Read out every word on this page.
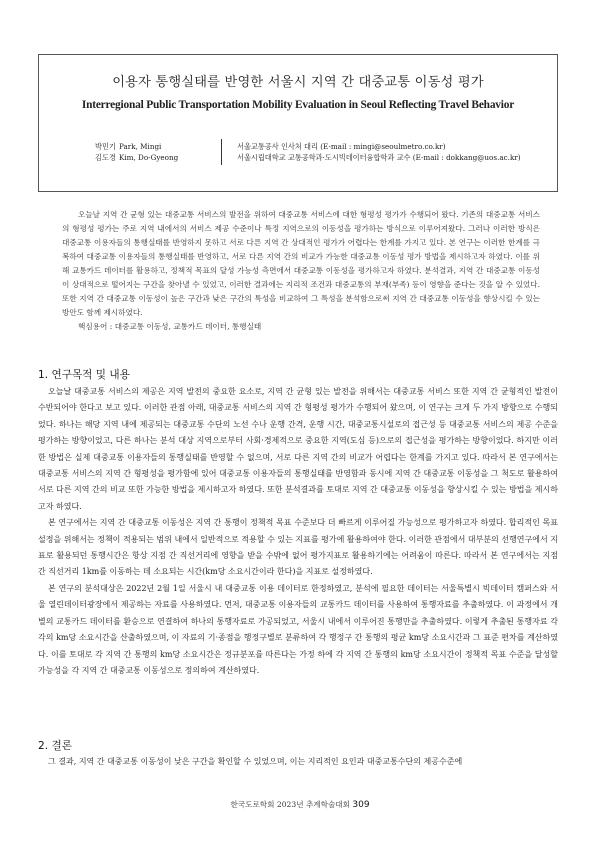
이용자 통행실태를 반영한 서울시 지역 간 대중교통 이동성 평가
Interregional Public Transportation Mobility Evaluation in Seoul Reflecting Travel Behavior
박민기 Park, Mingi	서울교통공사 인사처 대리 (E-mail : mingi@seoulmetro.co.kr)
김도경 Kim, Do-Gyeong	서울시립대학교 교통공학과·도시빅데이터융합학과 교수 (E-mail : dokkang@uos.ac.kr)

오늘날 지역 간 균형 있는 대중교통 서비스의 발전을 위하여 대중교통 서비스에 대한 형평성 평가가 수행되어 왔다. 기존의 대중교통 서비스의 형평성 평가는 주로 지역 내에서의 서비스 제공 수준이나 특정 지역으로의 이동성을 평가하는 방식으로 이루어져왔다. 그러나 이러한 방식은 대중교통 이용자들의 통행실태를 반영하지 못하고 서로 다른 지역 간 상대적인 평가가 어렵다는 한계를 가지고 있다. 본 연구는 이러한 한계를 극복하여 대중교통 이용자들의 통행실태를 반영하고, 서로 다른 지역 간의 비교가 가능한 대중교통 이동성 평가 방법을 제시하고자 하였다. 이를 위해 교통카드 데이터를 활용하고, 정책적 목표의 달성 가능성 측면에서 대중교통 이동성을 평가하고자 하였다. 분석결과, 지역 간 대중교통 이동성이 상대적으로 떨어지는 구간을 찾아낼 수 있었고, 이러한 결과에는 지리적 조건과 대중교통의 부재(부족) 등이 영향을 준다는 것을 알 수 있었다. 또한 지역 간 대중교통 이동성이 높은 구간과 낮은 구간의 특성을 비교하여 그 특성을 분석함으로써 지역 간 대중교통 이동성을 향상시킬 수 있는 방안도 함께 제시하였다.

핵심용어 : 대중교통 이동성, 교통카드 데이터, 통행실태

1. 연구목적 및 내용

오늘날 대중교통 서비스의 제공은 지역 발전의 중요한 요소로, 지역 간 균형 있는 발전을 위해서는 대중교통 서비스 또한 지역 간 균형적인 발전이 수반되어야 한다고 보고 있다. 이러한 관점 아래, 대중교통 서비스의 지역 간 형평성 평가가 수행되어 왔으며, 이 연구는 크게 두 가지 방향으로 수행되었다. 하나는 해당 지역 내에 제공되는 대중교통 수단의 노선 수나 운행 간격, 운행 시간, 대중교통시설로의 접근성 등 대중교통 서비스의 제공 수준을 평가하는 방향이었고, 다른 하나는 분석 대상 지역으로부터 사회·경제적으로 중요한 지역(도심 등)으로의 접근성을 평가하는 방향이었다. 하지만 이러한 방법은 실제 대중교통 이용자들의 통행실태를 반영할 수 없으며, 서로 다른 지역 간의 비교가 어렵다는 한계를 가지고 있다. 따라서 본 연구에서는 대중교통 서비스의 지역 간 형평성을 평가함에 있어 대중교통 이용자들의 통행실태를 반영함과 동시에 지역 간 대중교통 이동성을 그 척도로 활용하여 서로 다른 지역 간의 비교 또한 가능한 방법을 제시하고자 하였다. 또한 분석결과를 토대로 지역 간 대중교통 이동성을 향상시킬 수 있는 방법을 제시하고자 하였다.

본 연구에서는 지역 간 대중교통 이동성은 지역 간 통행이 정책적 목표 수준보다 더 빠르게 이루어질 가능성으로 평가하고자 하였다. 합리적인 목표 설정을 위해서는 정책이 적용되는 범위 내에서 일반적으로 적용할 수 있는 지표를 평가에 활용하여야 한다. 이러한 관점에서 대부분의 선행연구에서 지표로 활용되던 통행시간은 항상 지점 간 직선거리에 영향을 받을 수밖에 없어 평가지표로 활용하기에는 어려움이 따른다. 따라서 본 연구에서는 지점 간 직선거리 1km를 이동하는 데 소요되는 시간(km당 소요시간이라 한다)을 지표로 설정하였다.

본 연구의 분석대상은 2022년 2월 1일 서울시 내 대중교통 이용 데이터로 한정하였고, 분석에 필요한 데이터는 서울특별시 빅데이터 캠퍼스와 서울 열린데이터광장에서 제공하는 자료를 사용하였다. 먼저, 대중교통 이용자들의 교통카드 데이터를 사용하여 통행자료를 추출하였다. 이 과정에서 개별의 교통카드 데이터를 환승으로 연결하여 하나의 통행자료로 가공되었고, 서울시 내에서 이루어진 통행만을 추출하였다. 이렇게 추출된 통행자료 각각의 km당 소요시간을 산출하였으며, 이 자료의 기·종점을 행정구별로 분류하여 각 행정구 간 통행의 평균 km당 소요시간과 그 표준 편차를 계산하였다. 이를 토대로 각 지역 간 통행의 km당 소요시간은 정규분포를 따른다는 가정 하에 각 지역 간 통행의 km당 소요시간이 정책적 목표 수준을 달성할 가능성을 각 지역 간 대중교통 이동성으로 정의하여 계산하였다.

2. 결론

그 결과, 지역 간 대중교통 이동성이 낮은 구간을 확인할 수 있었으며, 이는 지리적인 요인과 대중교통수단의 제공수준에

한국도로학회 2023년 추계학술대회 309
